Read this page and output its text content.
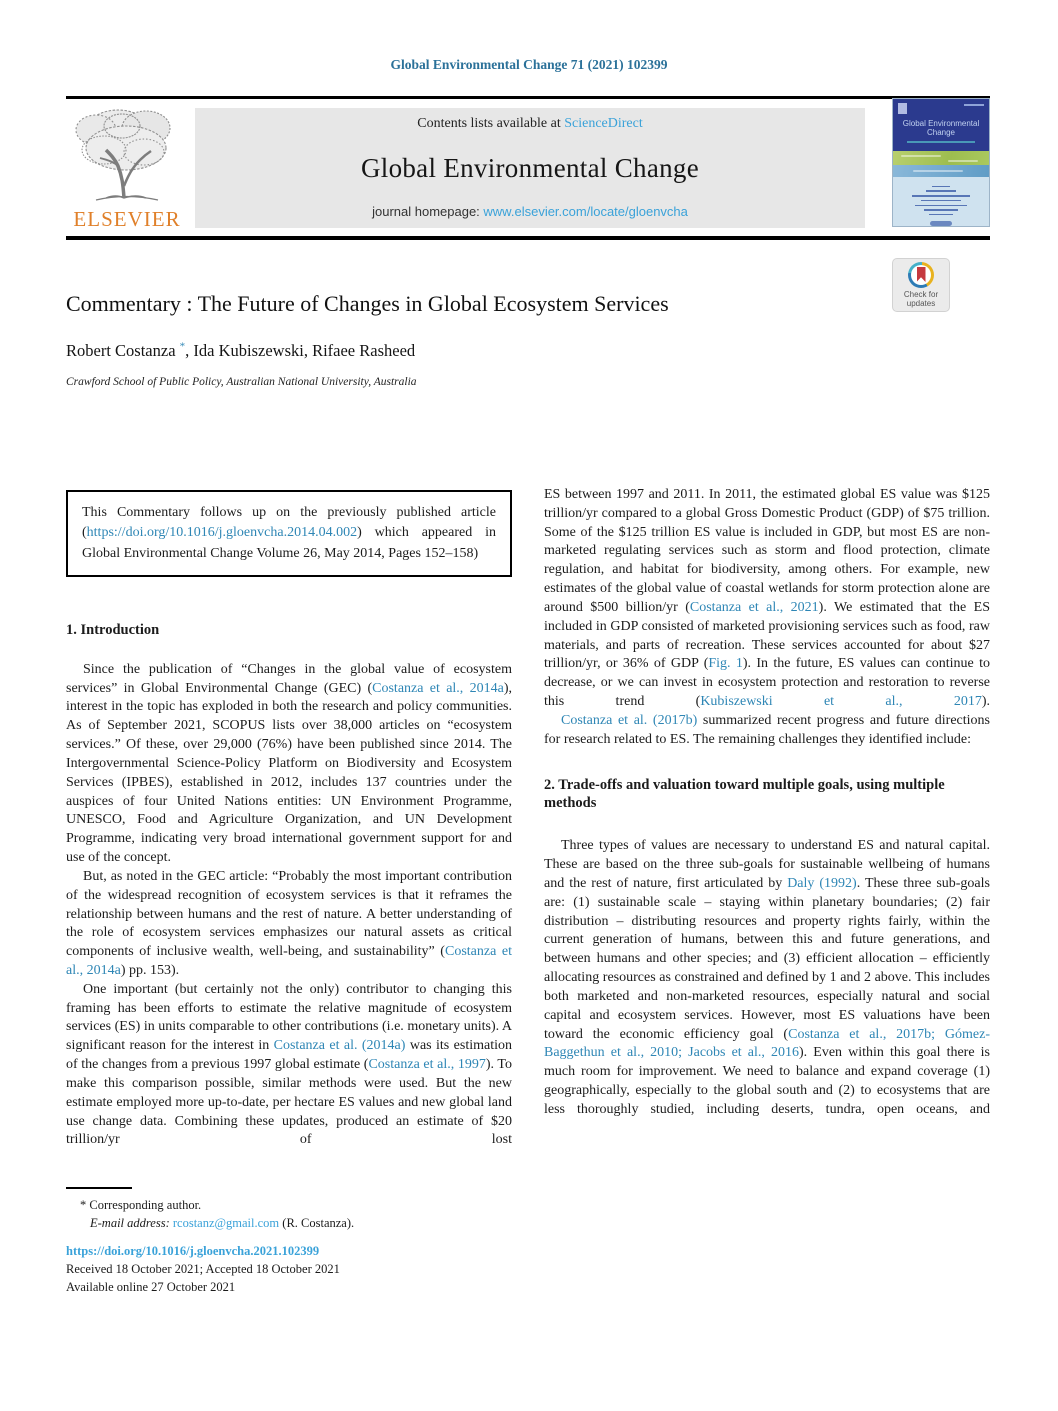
Global Environmental Change 71 (2021) 102399
ELSEVIER
Contents lists available at ScienceDirect
Global Environmental Change
journal homepage: www.elsevier.com/locate/gloenvcha
Global Environmental Change
Check for
updates
Commentary : The Future of Changes in Global Ecosystem Services
Robert Costanza *, Ida Kubiszewski, Rifaee Rasheed
Crawford School of Public Policy, Australian National University, Australia
This Commentary follows up on the previously published article (https://doi.org/10.1016/j.gloenvcha.2014.04.002) which appeared in Global Environmental Change Volume 26, May 2014, Pages 152–158)
1. Introduction

Since the publication of “Changes in the global value of ecosystem services” in Global Environmental Change (GEC) (Costanza et al., 2014a), interest in the topic has exploded in both the research and policy communities. As of September 2021, SCOPUS lists over 38,000 articles on “ecosystem services.” Of these, over 29,000 (76%) have been published since 2014. The Intergovernmental Science-Policy Platform on Biodiversity and Ecosystem Services (IPBES), established in 2012, includes 137 countries under the auspices of four United Nations entities: UN Environment Programme, UNESCO, Food and Agriculture Organization, and UN Development Programme, indicating very broad international government support for and use of the concept.

But, as noted in the GEC article: “Probably the most important contribution of the widespread recognition of ecosystem services is that it reframes the relationship between humans and the rest of nature. A better understanding of the role of ecosystem services emphasizes our natural assets as critical components of inclusive wealth, well-being, and sustainability” (Costanza et al., 2014a) pp. 153).

One important (but certainly not the only) contributor to changing this framing has been efforts to estimate the relative magnitude of ecosystem services (ES) in units comparable to other contributions (i.e. monetary units). A significant reason for the interest in Costanza et al. (2014a) was its estimation of the changes from a previous 1997 global estimate (Costanza et al., 1997). To make this comparison possible, similar methods were used. But the new estimate employed more up-to-date, per hectare ES values and new global land use change data. Combining these updates, produced an estimate of $20 trillion/yr of lost

ES between 1997 and 2011. In 2011, the estimated global ES value was $125 trillion/yr compared to a global Gross Domestic Product (GDP) of $75 trillion. Some of the $125 trillion ES value is included in GDP, but most ES are non-marketed regulating services such as storm and flood protection, climate regulation, and habitat for biodiversity, among others. For example, new estimates of the global value of coastal wetlands for storm protection alone are around $500 billion/yr (Costanza et al., 2021). We estimated that the ES included in GDP consisted of marketed provisioning services such as food, raw materials, and parts of recreation. These services accounted for about $27 trillion/yr, or 36% of GDP (Fig. 1). In the future, ES values can continue to decrease, or we can invest in ecosystem protection and restoration to reverse this trend (Kubiszewski et al., 2017).

Costanza et al. (2017b) summarized recent progress and future directions for research related to ES. The remaining challenges they identified include:

2. Trade-offs and valuation toward multiple goals, using multiple methods

Three types of values are necessary to understand ES and natural capital. These are based on the three sub-goals for sustainable wellbeing of humans and the rest of nature, first articulated by Daly (1992). These three sub-goals are: (1) sustainable scale – staying within planetary boundaries; (2) fair distribution – distributing resources and property rights fairly, within the current generation of humans, between this and future generations, and between humans and other species; and (3) efficient allocation – efficiently allocating resources as constrained and defined by 1 and 2 above. This includes both marketed and non-marketed resources, especially natural and social capital and ecosystem services. However, most ES valuations have been toward the economic efficiency goal (Costanza et al., 2017b; Gómez-Baggethun et al., 2010; Jacobs et al., 2016). Even within this goal there is much room for improvement. We need to balance and expand coverage (1) geographically, especially to the global south and (2) to ecosystems that are less thoroughly studied, including deserts, tundra, open oceans, and

* Corresponding author.
E-mail address: rcostanz@gmail.com (R. Costanza).
https://doi.org/10.1016/j.gloenvcha.2021.102399
Received 18 October 2021; Accepted 18 October 2021
Available online 27 October 2021
